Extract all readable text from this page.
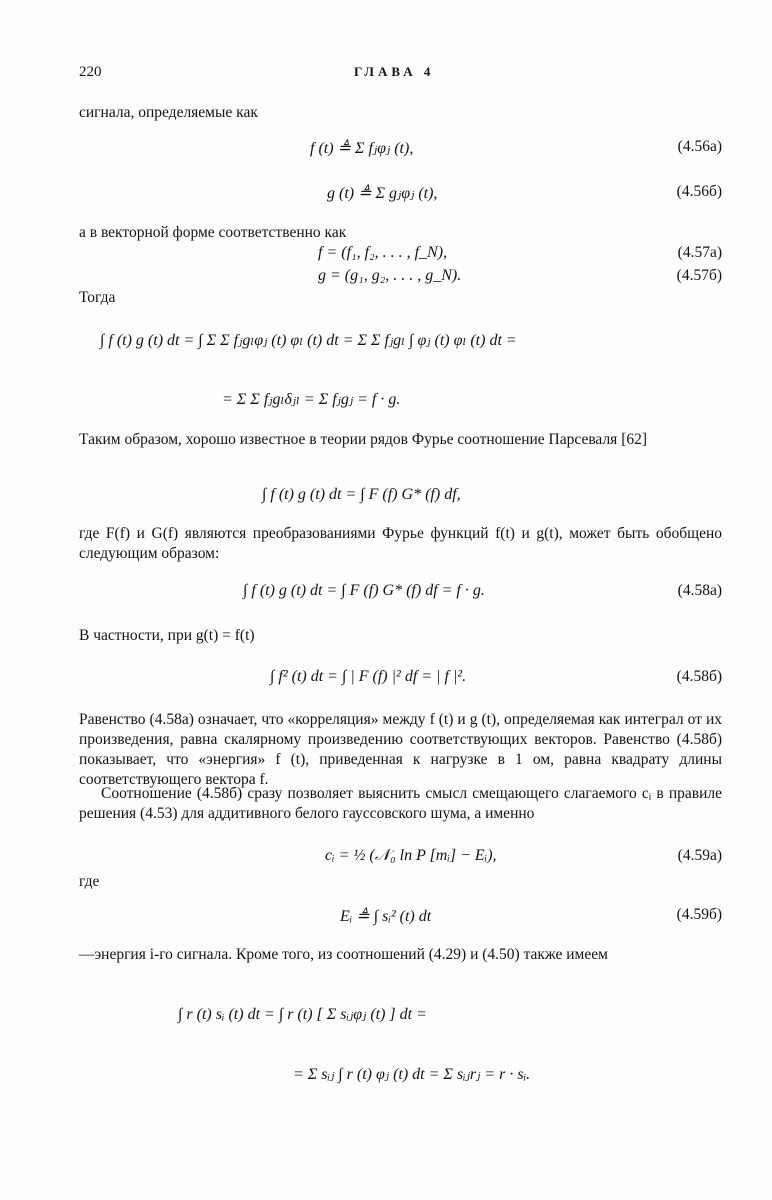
220	ГЛАВА 4
сигнала, определяемые как
f (t) ≜ Σ fⱼφⱼ (t),	(4.56а)
g (t) ≜ Σ gⱼφⱼ (t),	(4.56б)
а в векторной форме соответственно как
f = (f₁, f₂, . . . , f_N),	(4.57а)
g = (g₁, g₂, . . . , g_N).	(4.57б)
Тогда
∫ f (t) g (t) dt = ∫ Σ Σ fⱼgₗφⱼ (t) φₗ (t) dt = Σ Σ fⱼgₗ ∫ φⱼ (t) φₗ (t) dt =
= Σ Σ fⱼgₗδⱼₗ = Σ fⱼgⱼ = f · g.
Таким образом, хорошо известное в теории рядов Фурье соотношение Парсеваля [62]
∫ f (t) g (t) dt = ∫ F (f) G* (f) df,
где F(f) и G(f) являются преобразованиями Фурье функций f(t) и g(t), может быть обобщено следующим образом:
∫ f (t) g (t) dt = ∫ F (f) G* (f) df = f · g.	(4.58а)
В частности, при g(t) = f(t)
∫ f² (t) dt = ∫ | F (f) |² df = | f |².	(4.58б)
Равенство (4.58а) означает, что «корреляция» между f (t) и g (t), определяемая как интеграл от их произведения, равна скалярному произведению соответствующих векторов. Равенство (4.58б) показывает, что «энергия» f (t), приведенная к нагрузке в 1 ом, равна квадрату длины соответствующего вектора f.
Соотношение (4.58б) сразу позволяет выяснить смысл смещающего слагаемого cᵢ в правиле решения (4.53) для аддитивного белого гауссовского шума, а именно
cᵢ = ½ (𝒩₀ ln P [mᵢ] − Eᵢ),	(4.59а)
где
Eᵢ ≜ ∫ sᵢ² (t) dt	(4.59б)
—энергия i-го сигнала. Кроме того, из соотношений (4.29) и (4.50) также имеем
∫ r (t) sᵢ (t) dt = ∫ r (t) [ Σ sᵢⱼφⱼ (t) ] dt =
= Σ sᵢⱼ ∫ r (t) φⱼ (t) dt = Σ sᵢⱼrⱼ = r · sᵢ.
